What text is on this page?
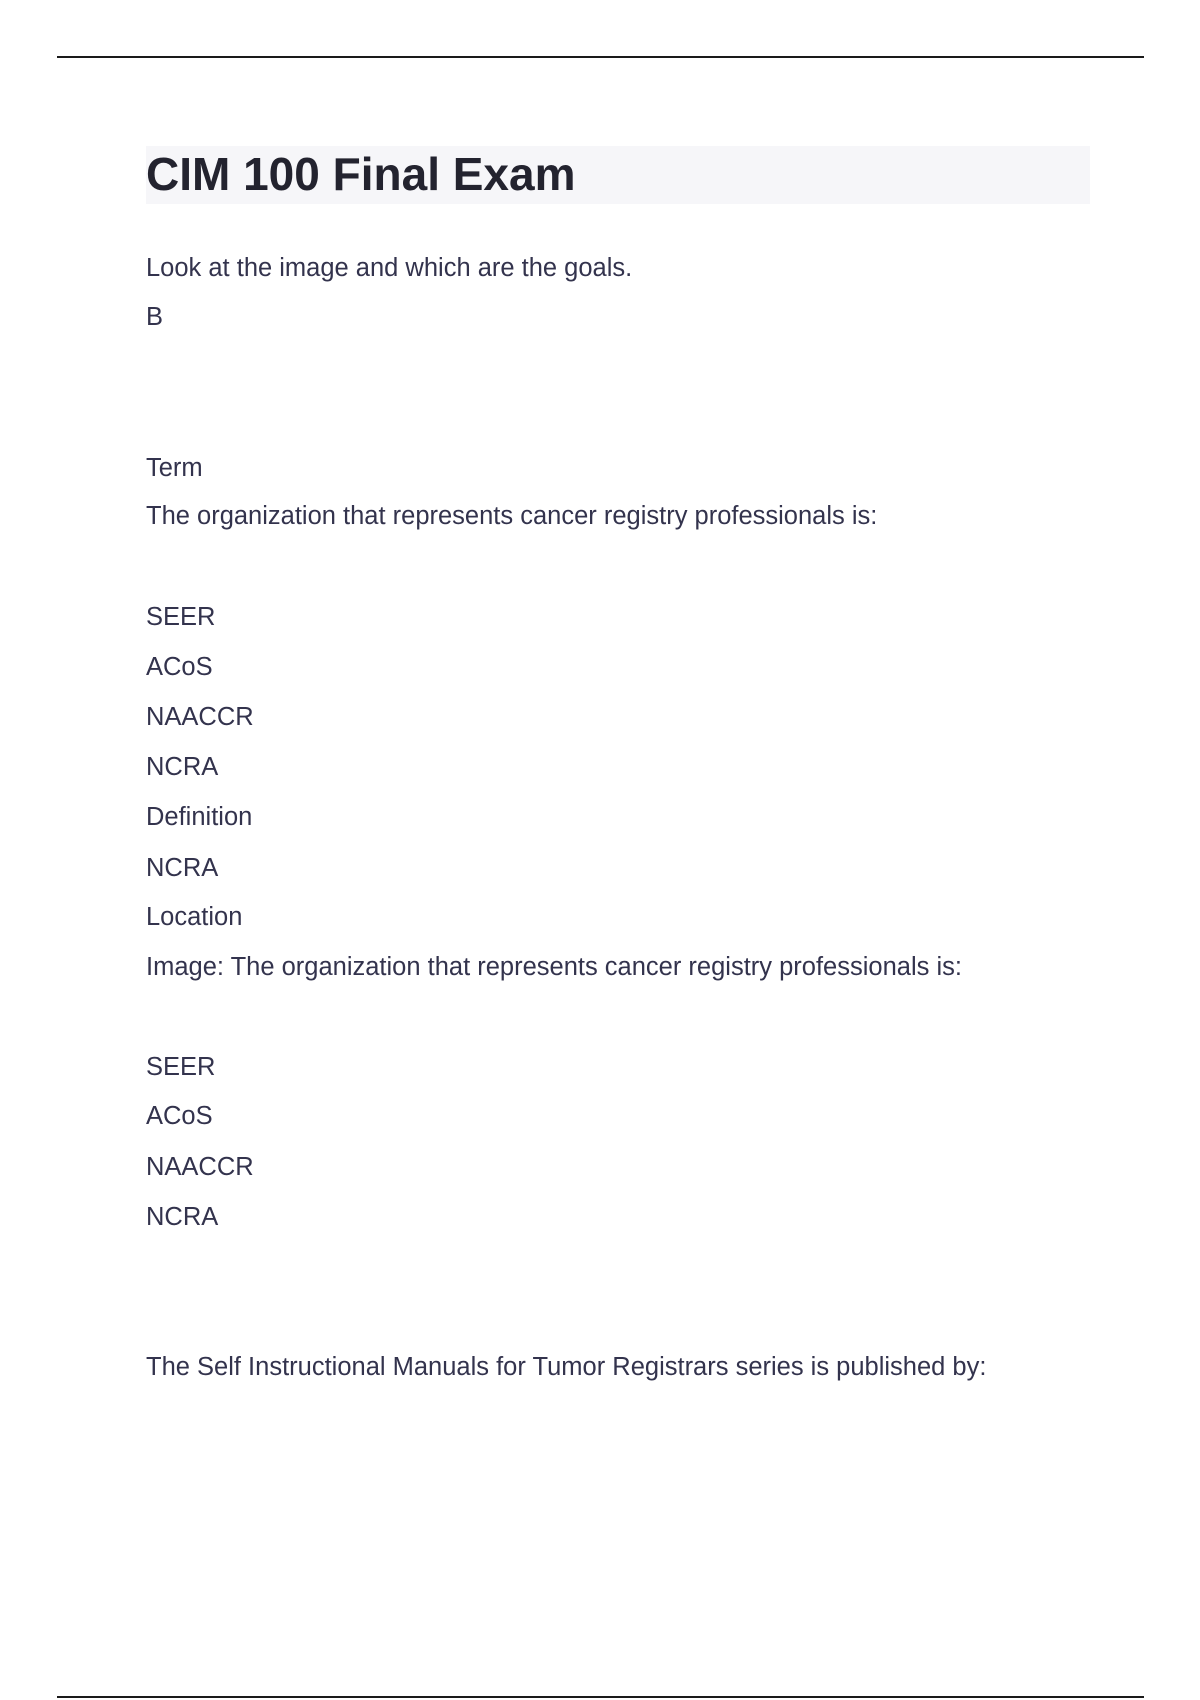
CIM 100 Final Exam

Look at the image and which are the goals.

B

Term

The organization that represents cancer registry professionals is:

SEER

ACoS

NAACCR

NCRA

Definition

NCRA

Location

Image: The organization that represents cancer registry professionals is:

SEER

ACoS

NAACCR

NCRA

The Self Instructional Manuals for Tumor Registrars series is published by:
